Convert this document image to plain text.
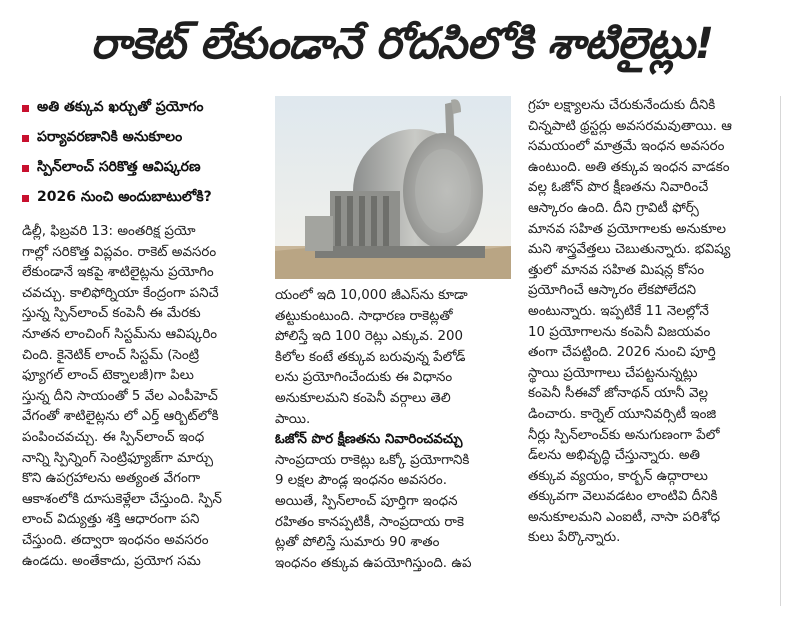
రాకెట్ లేకుండానే రోదసిలోకి శాటిలైట్లు!
అతి తక్కువ ఖర్చుతో ప్రయోగం
పర్యావరణానికి అనుకూలం
స్పిన్‌లాంచ్ సరికొత్త ఆవిష్కరణ
2026 నుంచి అందుబాటులోకి?

డిల్లీ, ఫిబ్రవరి 13: అంతరిక్ష ప్రయో

గాల్లో సరికొత్త విప్లవం. రాకెట్ అవసరం

లేకుండానే ఇకపై శాటిలైట్లను ప్రయోగిం

చవచ్చు. కాలిఫోర్నియా కేంద్రంగా పనిచే

స్తున్న స్పిన్‌లాంచ్ కంపెనీ ఈ మేరకు

నూతన లాంచింగ్ సిస్టమ్‌ను ఆవిష్కరిం

చింది. కైనెటిక్ లాంచ్ సిస్టమ్ (సెంట్రి

ఫ్యూగల్ లాంచ్ టెక్నాలజీ)గా పిలు

స్తున్న దీని సాయంతో 5 వేల ఎంపీహెచ్

వేగంతో శాటిలైట్లను లో ఎర్త్ ఆర్బిట్‌లోకి

పంపించవచ్చు. ఈ స్పిన్‌లాంచ్ ఇంధ

నాన్ని స్పిన్నింగ్ సెంట్రిఫ్యూజ్‌గా మార్చు

కొని ఉపగ్రహాలను అత్యంత వేగంగా

ఆకాశంలోకి దూసుకెళ్లేలా చేస్తుంది. స్పిన్

లాంచ్ విద్యుత్తు శక్తి ఆధారంగా పని

చేస్తుంది. తద్వారా ఇంధనం అవసరం

ఉండదు. అంతేకాదు, ప్రయోగ సమ

యంలో ఇది 10,000 జీఎస్‌ను కూడా

తట్టుకుంటుంది. సాధారణ రాకెట్లతో

పోలిస్తే ఇది 100 రెట్లు ఎక్కువ. 200

కిలోల కంటే తక్కువ బరువున్న పేలోడ్

లను ప్రయోగించేందుకు ఈ విధానం

అనుకూలమని కంపెనీ వర్గాలు తెలి

పాయి.

ఓజోన్ పొర క్షీణతను నివారించవచ్చు

సాంప్రదాయ రాకెట్లు ఒక్కో ప్రయోగానికి

9 లక్షల పౌండ్ల ఇంధనం అవసరం.

అయితే, స్పిన్‌లాంచ్ పూర్తిగా ఇంధన

రహితం కానప్పటికీ, సాంప్రదాయ రాకె

ట్లతో పోలిస్తే సుమారు 90 శాతం

ఇంధనం తక్కువ ఉపయోగిస్తుంది. ఉప

గ్రహ లక్ష్యాలను చేరుకునేందుకు దీనికి

చిన్నపాటి థ్రస్టర్లు అవసరమవుతాయి. ఆ

సమయంలో మాత్రమే ఇంధన అవసరం

ఉంటుంది. అతి తక్కువ ఇంధన వాడకం

వల్ల ఓజోన్ పొర క్షీణతను నివారించే

ఆస్కారం ఉంది. దీని గ్రావిటీ ఫోర్స్

మానవ సహిత ప్రయోగాలకు అనుకూల

మని శాస్త్రవేత్తలు చెబుతున్నారు. భవిష్య

త్తులో మానవ సహిత మిషన్ల కోసం

ప్రయోగించే ఆస్కారం లేకపోలేదని

అంటున్నారు. ఇప్పటికే 11 నెలల్లోనే

10 ప్రయోగాలను కంపెనీ విజయవం

తంగా చేపట్టింది. 2026 నుంచి పూర్తి

స్థాయి ప్రయోగాలు చేపట్టనున్నట్లు

కంపెనీ సీఈవో జోనాథన్ యానీ వెల్ల

డించారు. కార్నెల్ యూనివర్సిటీ ఇంజి

నీర్లు స్పిన్‌లాంచ్‌కు అనుగుణంగా పేలో

డ్‌లను అభివృద్ధి చేస్తున్నారు. అతి

తక్కువ వ్యయం, కార్బన్ ఉద్గారాలు

తక్కువగా వెలువడటం లాంటివి దీనికి

అనుకూలమని ఎంఐటీ, నాసా పరిశోధ

కులు పేర్కొన్నారు.
